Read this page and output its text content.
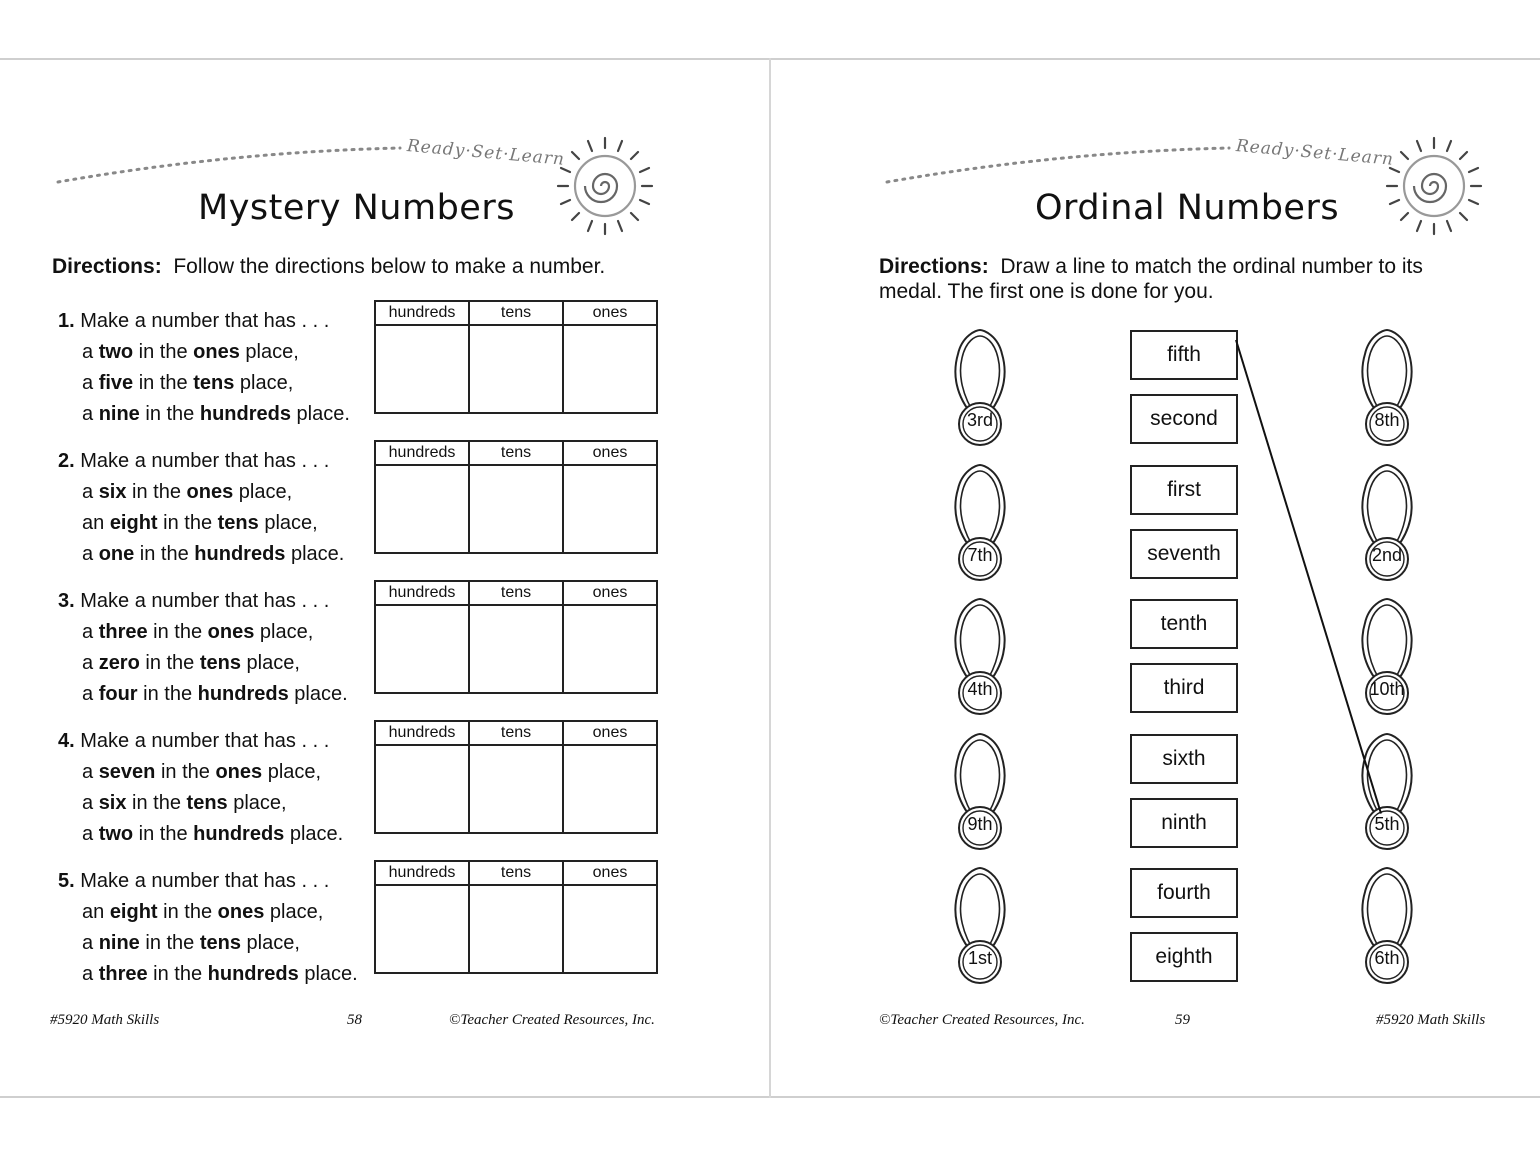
Ready·Set·Learn
Mystery Numbers
Directions: Follow the directions below to make a number.
1. Make a number that has . . .
a two in the ones place,
a five in the tens place,
a nine in the hundreds place.
hundreds	tens	ones

2. Make a number that has . . .
a six in the ones place,
an eight in the tens place,
a one in the hundreds place.
hundreds	tens	ones

3. Make a number that has . . .
a three in the ones place,
a zero in the tens place,
a four in the hundreds place.
hundreds	tens	ones

4. Make a number that has . . .
a seven in the ones place,
a six in the tens place,
a two in the hundreds place.
hundreds	tens	ones

5. Make a number that has . . .
an eight in the ones place,
a nine in the tens place,
a three in the hundreds place.
hundreds	tens	ones

#5920 Math Skills	58	©Teacher Created Resources, Inc.
Ready·Set·Learn
Ordinal Numbers
Directions: Draw a line to match the ordinal number to its medal. The first one is done for you.
3rd
7th
4th
9th
1st
8th
2nd
10th
5th
6th
fifth
second
first
seventh
tenth
third
sixth
ninth
fourth
eighth
©Teacher Created Resources, Inc.	59	#5920 Math Skills
